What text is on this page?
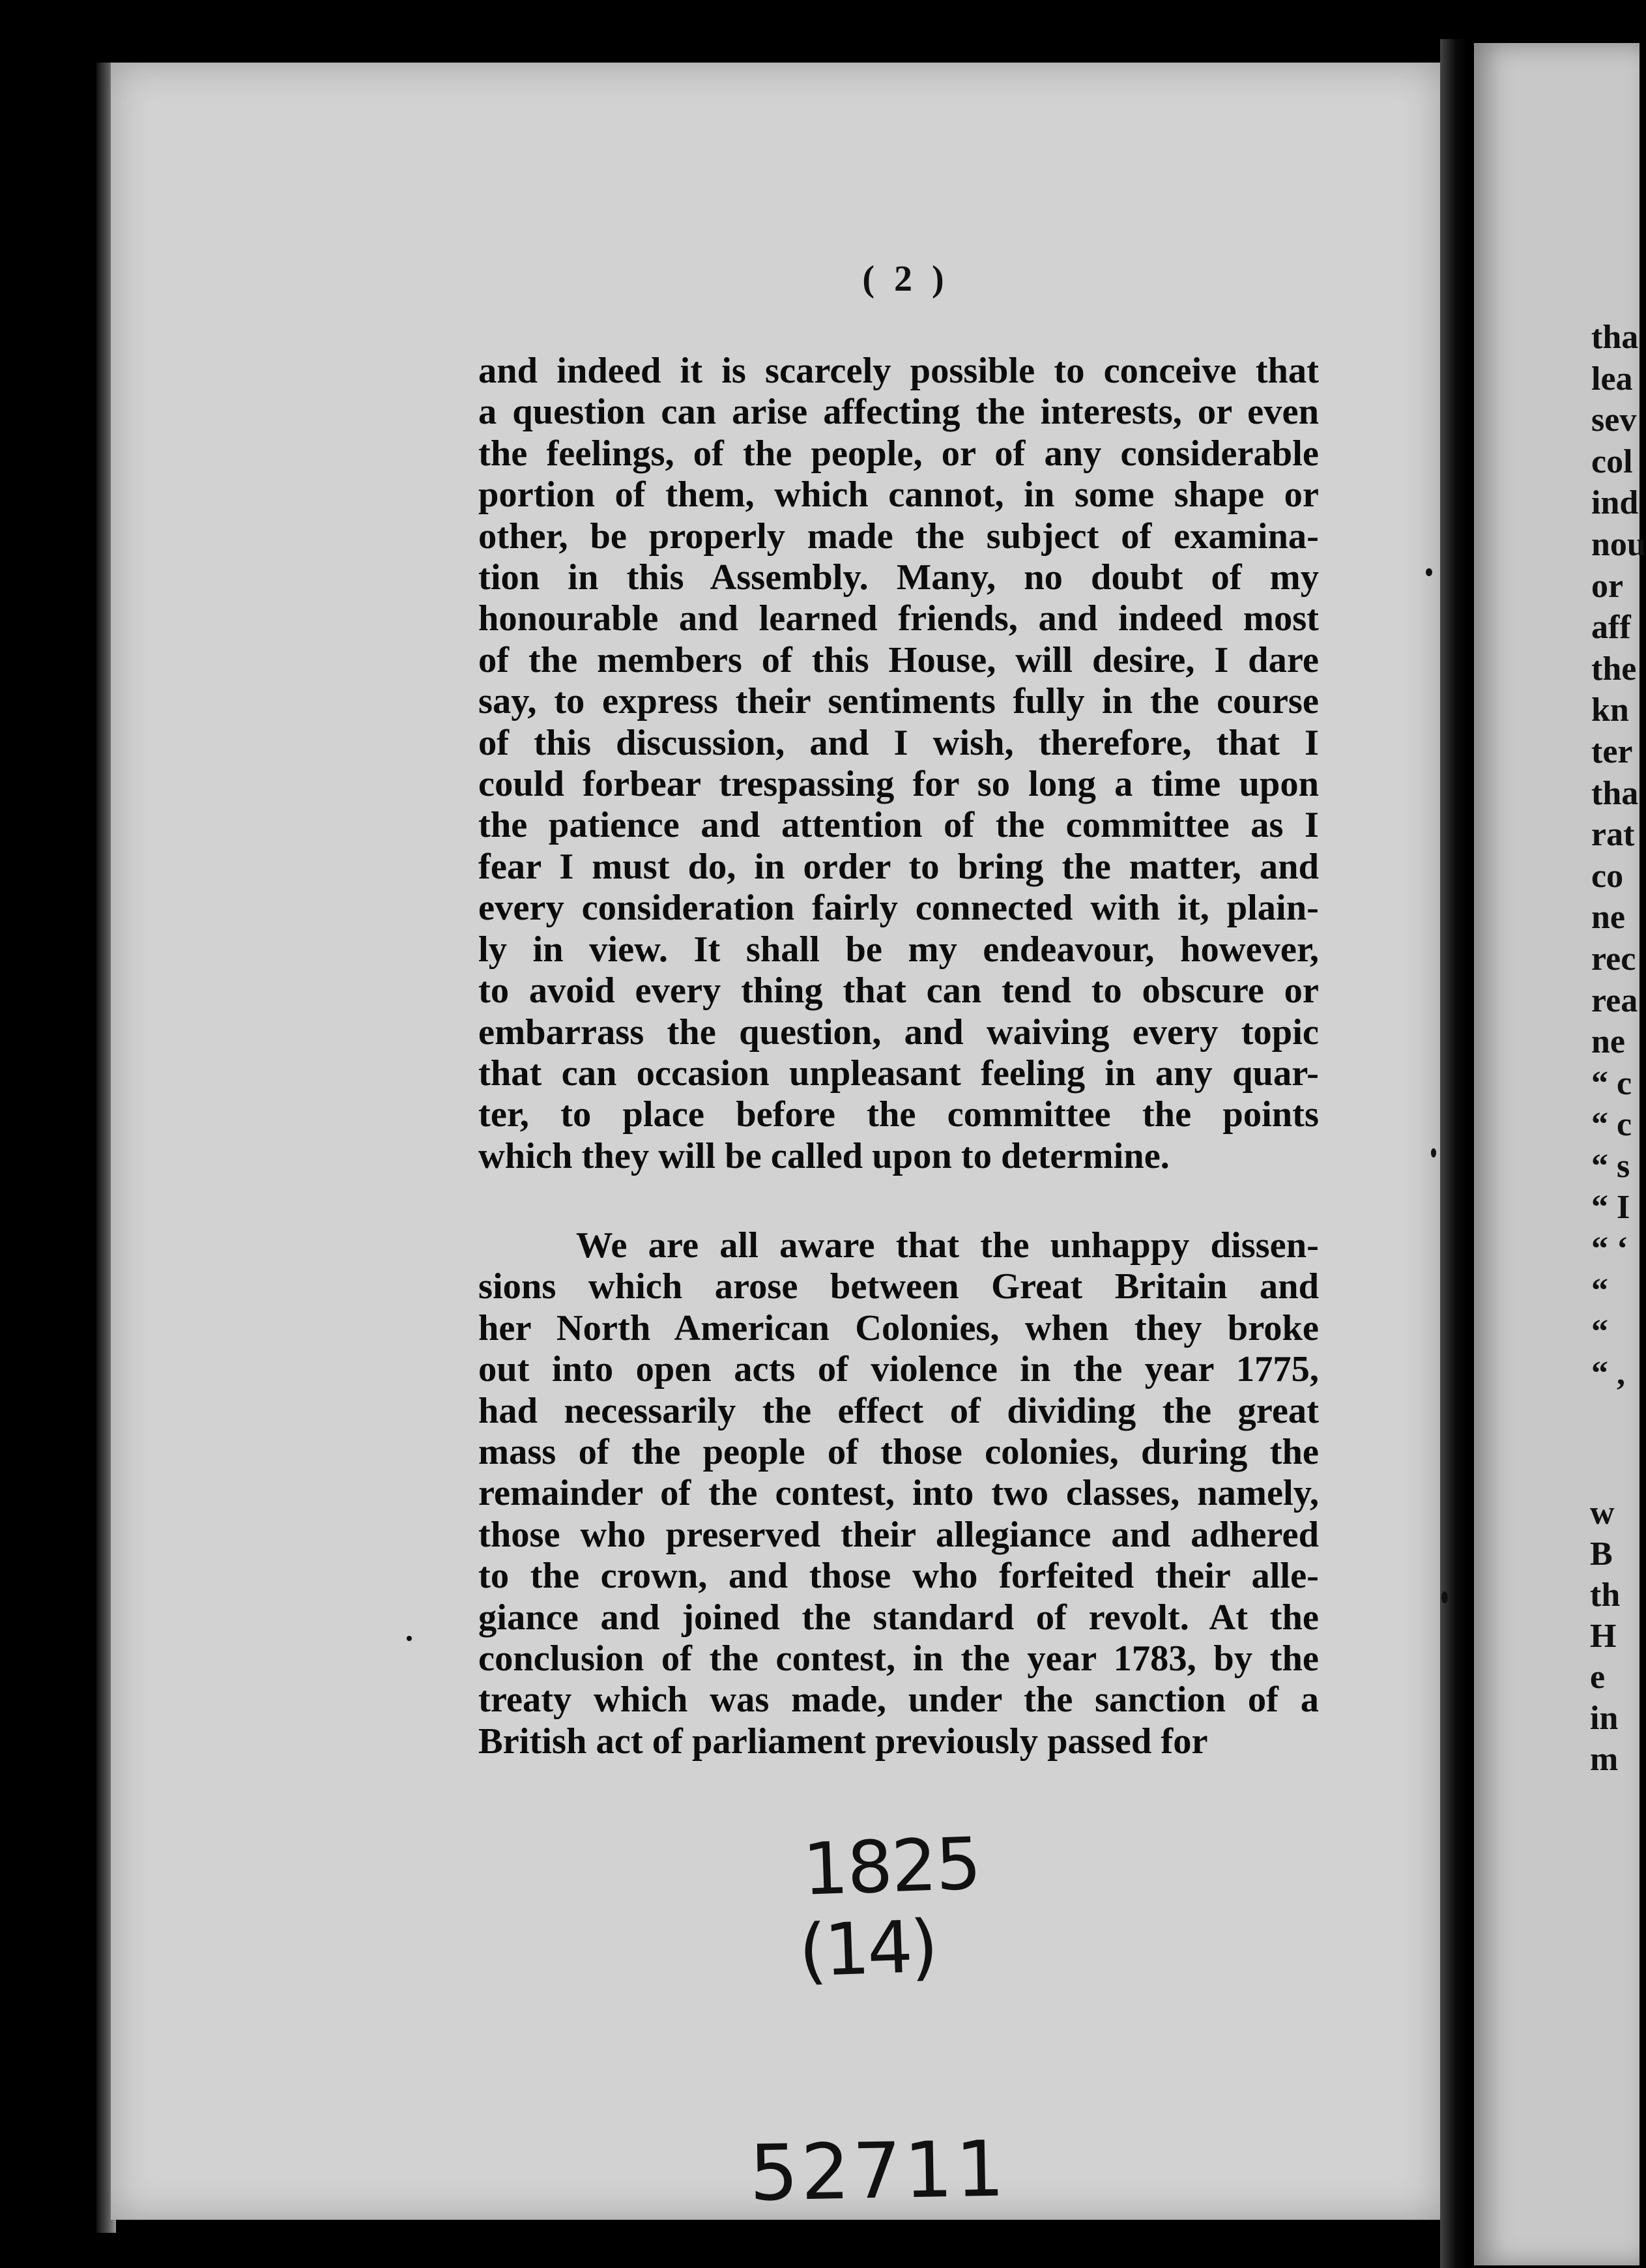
( 2 )
and indeed it is scarcely possible to conceive that
a question can arise affecting the interests, or even
the feelings, of the people, or of any considerable
portion of them, which cannot, in some shape or
other, be properly made the subject of examina-
tion in this Assembly. Many, no doubt of my
honourable and learned friends, and indeed most
of the members of this House, will desire, I dare
say, to express their sentiments fully in the course
of this discussion, and I wish, therefore, that I
could forbear trespassing for so long a time upon
the patience and attention of the committee as I
fear I must do, in order to bring the matter, and
every consideration fairly connected with it, plain-
ly in view. It shall be my endeavour, however,
to avoid every thing that can tend to obscure or
embarrass the question, and waiving every topic
that can occasion unpleasant feeling in any quar-
ter, to place before the committee the points
which they will be called upon to determine.
We are all aware that the unhappy dissen-
sions which arose between Great Britain and
her North American Colonies, when they broke
out into open acts of violence in the year 1775,
had necessarily the effect of dividing the great
mass of the people of those colonies, during the
remainder of the contest, into two classes, namely,
those who preserved their allegiance and adhered
to the crown, and those who forfeited their alle-
giance and joined the standard of revolt. At the
conclusion of the contest, in the year 1783, by the
treaty which was made, under the sanction of a
British act of parliament previously passed for
tha
lea
sev
col
ind
nou
or
aff
the
kn
ter
tha
rat
co
ne
rec
rea
ne
“ c
“ c
“ s
“ I
“ ‘
“
“
“ ,
w
B
th
H
e
in
m
1825
(14)
52711
